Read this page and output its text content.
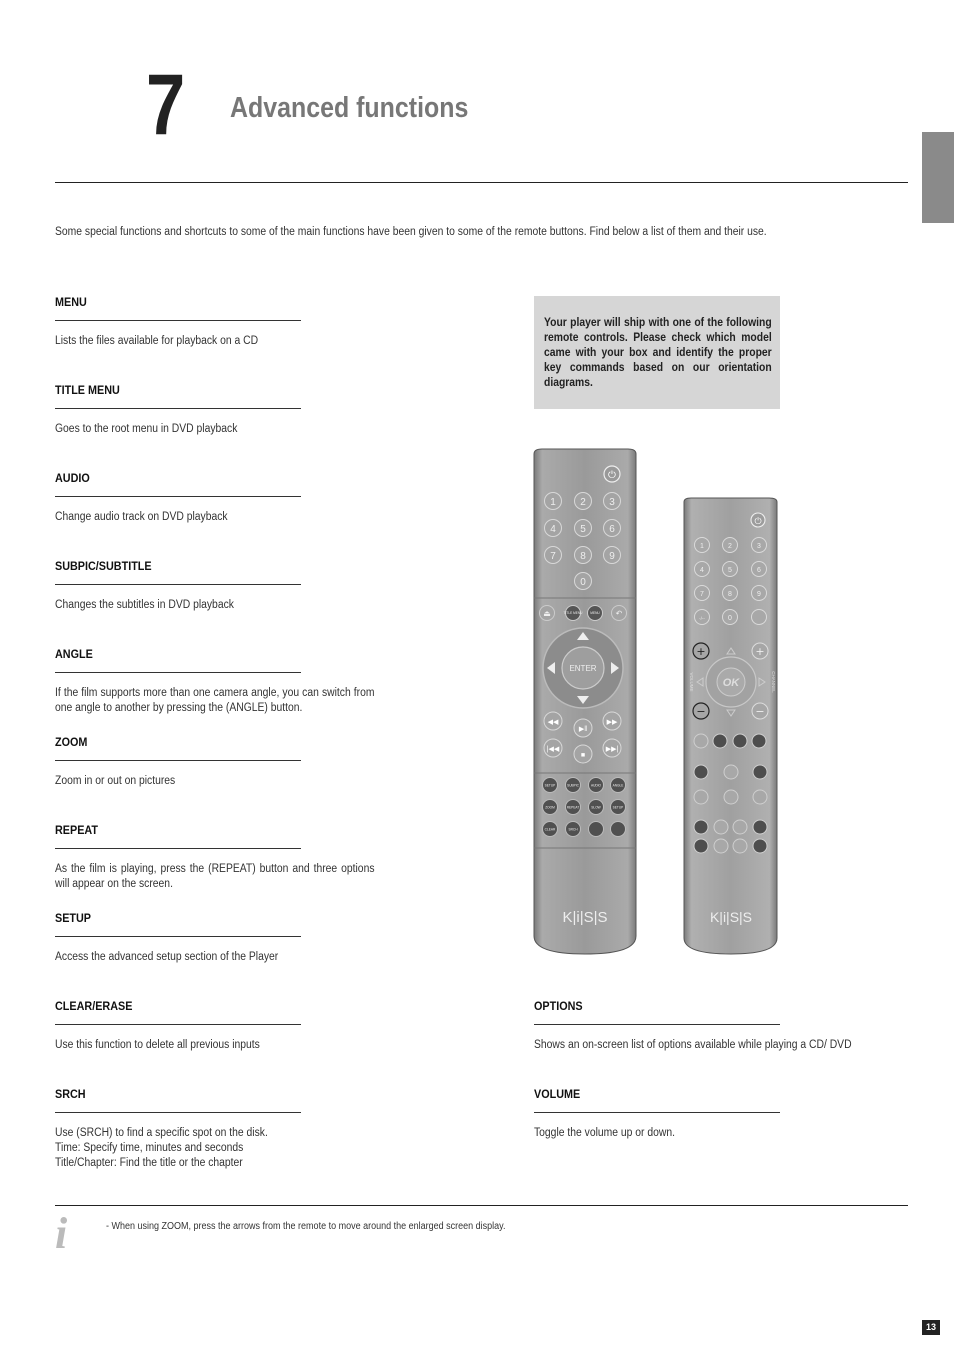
7 Advanced functions
Some special functions and shortcuts to some of the main functions have been given to some of the remote buttons. Find below a list of them and their use.
MENU
Lists the files available for playback on a CD
TITLE MENU
Goes to the root menu in DVD playback
AUDIO
Change audio track on DVD playback
SUBPIC/SUBTITLE
Changes the subtitles in DVD playback
ANGLE
If the film supports more than one camera angle, you can switch from one angle to another by pressing the (ANGLE) button.
ZOOM
Zoom in or out on pictures
REPEAT
As the film is playing, press the (REPEAT) button and three options will appear on the screen.
SETUP
Access the advanced setup section of the Player
CLEAR/ERASE
Use this function to delete all previous inputs
SRCH
Use (SRCH) to find a specific spot on the disk.
Time: Specify time, minutes and seconds
Title/Chapter: Find the title or the chapter
OPTIONS
Shows an on-screen list of options available while playing a CD/ DVD
VOLUME
Toggle the volume up or down.
Your player will ship with one of the following remote controls. Please check which model came with your box and identify the proper key commands based on our orientation diagrams.
⏻
1 2 3
4 5 6
7 8 9
0
TITLE MENU MENU
⏏	↶
ENTER
◀◀
▶‖
▶▶
|◀◀
■
▶▶|
SETUP	SUBPIC	AUDIO	ANGLE
ZOOM	REPEAT	SLOW	SETUP
CLEAR	SRCH
K|i|S|S
⏻
1	2	3
4	5	6
7	8	9
-/--	0
OK
+
−
+
−
VOLUME	CHANNEL
K|i|S|S
i	- When using ZOOM, press the arrows from the remote to move around the enlarged screen display.
13
